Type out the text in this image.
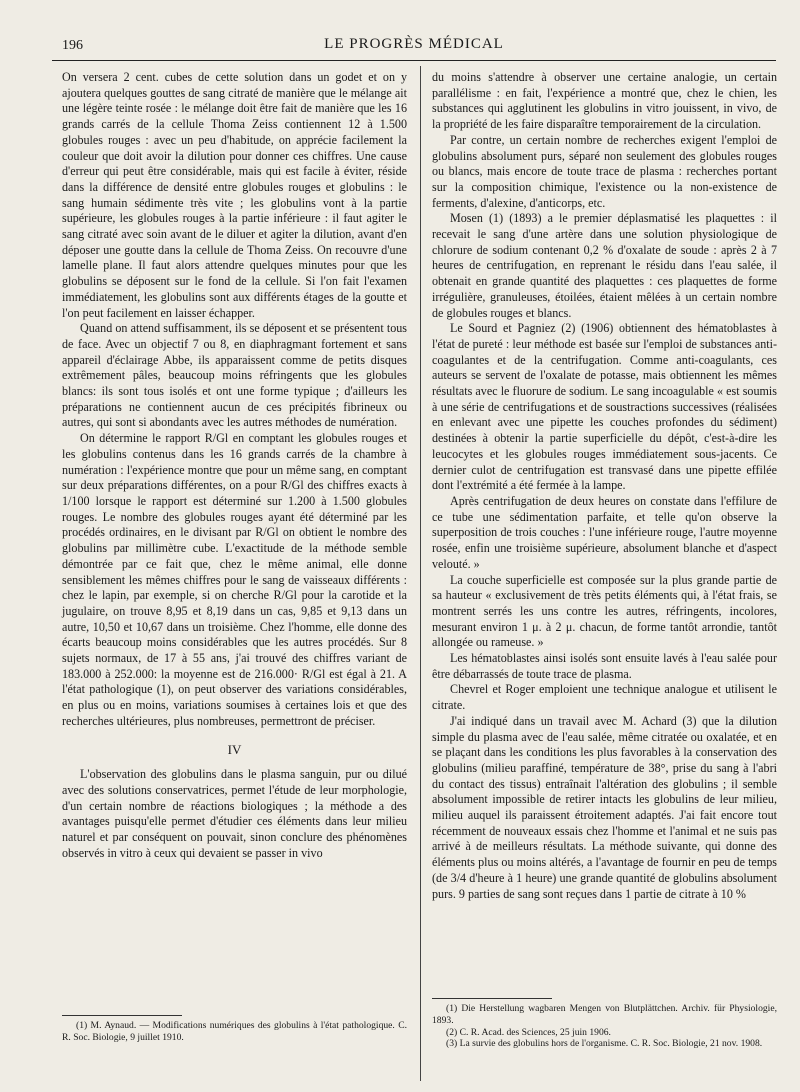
196	LE PROGRÈS MÉDICAL

On versera 2 cent. cubes de cette solution dans un godet et on y ajoutera quelques gouttes de sang citraté de manière que le mélange ait une légère teinte rosée : le mélange doit être fait de manière que les 16 grands carrés de la cellule Thoma Zeiss contiennent 12 à 1.500 globules rouges : avec un peu d'habitude, on apprécie facilement la couleur que doit avoir la dilution pour donner ces chiffres. Une cause d'erreur qui peut être considérable, mais qui est facile à éviter, réside dans la différence de densité entre globules rouges et globulins : le sang humain sédimente très vite ; les globulins vont à la partie supérieure, les globules rouges à la partie inférieure : il faut agiter le sang citraté avec soin avant de le diluer et agiter la dilution, avant d'en déposer une goutte dans la cellule de Thoma Zeiss. On recouvre d'une lamelle plane. Il faut alors attendre quelques minutes pour que les globulins se déposent sur le fond de la cellule. Si l'on fait l'examen immédiatement, les globulins sont aux différents étages de la goutte et l'on peut facilement en laisser échapper.

Quand on attend suffisamment, ils se déposent et se présentent tous de face. Avec un objectif 7 ou 8, en diaphragmant fortement et sans appareil d'éclairage Abbe, ils apparaissent comme de petits disques extrêmement pâles, beaucoup moins réfringents que les globules blancs: ils sont tous isolés et ont une forme typique ; d'ailleurs les préparations ne contiennent aucun de ces précipités fibrineux ou autres, qui sont si abondants avec les autres méthodes de numération.

On détermine le rapport R/Gl en comptant les globules rouges et les globulins contenus dans les 16 grands carrés de la chambre à numération : l'expérience montre que pour un même sang, en comptant sur deux préparations différentes, on a pour R/Gl des chiffres exacts à 1/100 lorsque le rapport est déterminé sur 1.200 à 1.500 globules rouges. Le nombre des globules rouges ayant été déterminé par les procédés ordinaires, en le divisant par R/Gl on obtient le nombre des globulins par millimètre cube. L'exactitude de la méthode semble démontrée par ce fait que, chez le même animal, elle donne sensiblement les mêmes chiffres pour le sang de vaisseaux différents : chez le lapin, par exemple, si on cherche R/Gl pour la carotide et la jugulaire, on trouve 8,95 et 8,19 dans un cas, 9,85 et 9,13 dans un autre, 10,50 et 10,67 dans un troisième. Chez l'homme, elle donne des écarts beaucoup moins considérables que les autres procédés. Sur 8 sujets normaux, de 17 à 55 ans, j'ai trouvé des chiffres variant de 183.000 à 252.000: la moyenne est de 216.000· R/Gl est égal à 21. A l'état pathologique (1), on peut observer des variations considérables, en plus ou en moins, variations soumises à certaines lois et que des recherches ultérieures, plus nombreuses, permettront de préciser.

IV

L'observation des globulins dans le plasma sanguin, pur ou dilué avec des solutions conservatrices, permet l'étude de leur morphologie, d'un certain nombre de réactions biologiques ; la méthode a des avantages puisqu'elle permet d'étudier ces éléments dans leur milieu naturel et par conséquent on pouvait, sinon conclure des phénomènes observés in vitro à ceux qui devaient se passer in vivo

(1) M. Aynaud. — Modifications numériques des globulins à l'état pathologique. C. R. Soc. Biologie, 9 juillet 1910.

du moins s'attendre à observer une certaine analogie, un certain parallélisme : en fait, l'expérience a montré que, chez le chien, les substances qui agglutinent les globulins in vitro jouissent, in vivo, de la propriété de les faire disparaître temporairement de la circulation.

Par contre, un certain nombre de recherches exigent l'emploi de globulins absolument purs, séparé non seulement des globules rouges ou blancs, mais encore de toute trace de plasma : recherches portant sur la composition chimique, l'existence ou la non-existence de ferments, d'alexine, d'anticorps, etc.

Mosen (1) (1893) a le premier déplasmatisé les plaquettes : il recevait le sang d'une artère dans une solution physiologique de chlorure de sodium contenant 0,2 % d'oxalate de soude : après 2 à 7 heures de centrifugation, en reprenant le résidu dans l'eau salée, il obtenait en grande quantité des plaquettes : ces plaquettes de forme irrégulière, granuleuses, étoilées, étaient mêlées à un certain nombre de globules rouges et blancs.

Le Sourd et Pagniez (2) (1906) obtiennent des hématoblastes à l'état de pureté : leur méthode est basée sur l'emploi de substances anti-coagulantes et de la centrifugation. Comme anti-coagulants, ces auteurs se servent de l'oxalate de potasse, mais obtiennent les mêmes résultats avec le fluorure de sodium. Le sang incoagulable « est soumis à une série de centrifugations et de soustractions successives (réalisées en enlevant avec une pipette les couches profondes du sédiment) destinées à obtenir la partie superficielle du dépôt, c'est-à-dire les leucocytes et les globules rouges immédiatement sous-jacents. Ce dernier culot de centrifugation est transvasé dans une pipette effilée dont l'extrémité a été fermée à la lampe.

Après centrifugation de deux heures on constate dans l'effilure de ce tube une sédimentation parfaite, et telle qu'on observe la superposition de trois couches : l'une inférieure rouge, l'autre moyenne rosée, enfin une troisième supérieure, absolument blanche et d'aspect velouté. »

La couche superficielle est composée sur la plus grande partie de sa hauteur « exclusivement de très petits éléments qui, à l'état frais, se montrent serrés les uns contre les autres, réfringents, incolores, mesurant environ 1 μ. à 2 μ. chacun, de forme tantôt arrondie, tantôt allongée ou rameuse. »

Les hématoblastes ainsi isolés sont ensuite lavés à l'eau salée pour être débarrassés de toute trace de plasma.

Chevrel et Roger emploient une technique analogue et utilisent le citrate.

J'ai indiqué dans un travail avec M. Achard (3) que la dilution simple du plasma avec de l'eau salée, même citratée ou oxalatée, et en se plaçant dans les conditions les plus favorables à la conservation des globulins (milieu paraffiné, température de 38°, prise du sang à l'abri du contact des tissus) entraînait l'altération des globulins ; il semble absolument impossible de retirer intacts les globulins de leur milieu, milieu auquel ils paraissent étroitement adaptés. J'ai fait encore tout récemment de nouveaux essais chez l'homme et l'animal et ne suis pas arrivé à de meilleurs résultats. La méthode suivante, qui donne des éléments plus ou moins altérés, a l'avantage de fournir en peu de temps (de 3/4 d'heure à 1 heure) une grande quantité de globulins absolument purs. 9 parties de sang sont reçues dans 1 partie de citrate à 10 %

(1) Die Herstellung wagbaren Mengen von Blutplättchen. Archiv. für Physiologie, 1893.

(2) C. R. Acad. des Sciences, 25 juin 1906.

(3) La survie des globulins hors de l'organisme. C. R. Soc. Biologie, 21 nov. 1908.
